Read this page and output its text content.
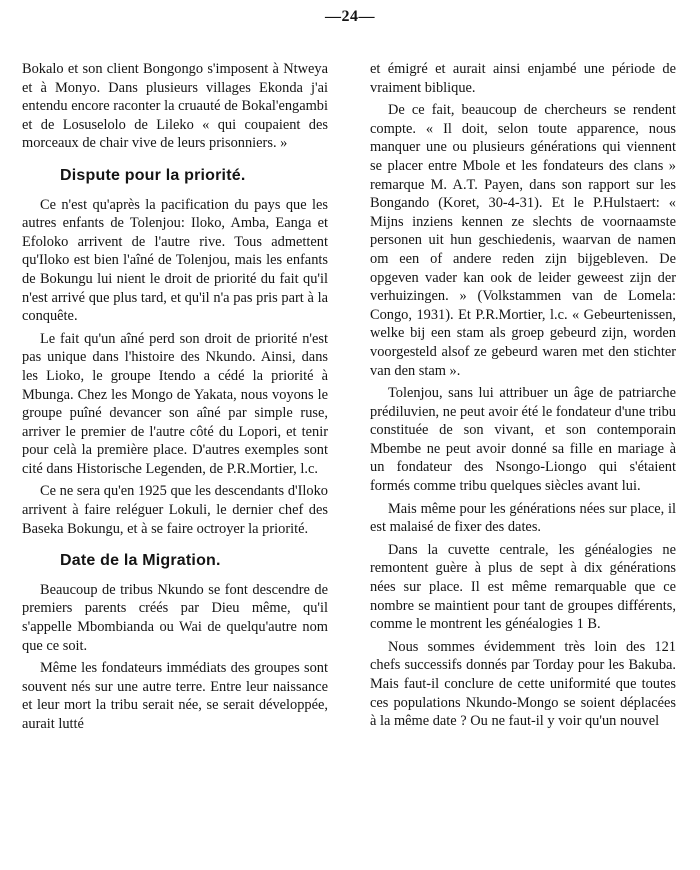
—24—

Bokalo et son client Bongongo s'imposent à Ntweya et à Monyo. Dans plusieurs villages Ekonda j'ai entendu encore raconter la cruauté de Bokal'engambi et de Losuselolo de Lileko « qui coupaient des morceaux de chair vive de leurs prisonniers. »

Dispute pour la priorité.

Ce n'est qu'après la pacification du pays que les autres enfants de Tolenjou: Iloko, Amba, Eanga et Efoloko arrivent de l'autre rive. Tous admettent qu'Iloko est bien l'aîné de Tolenjou, mais les enfants de Bokungu lui nient le droit de priorité du fait qu'il n'est arrivé que plus tard, et qu'il n'a pas pris part à la conquête.

Le fait qu'un aîné perd son droit de priorité n'est pas unique dans l'histoire des Nkundo. Ainsi, dans les Lioko, le groupe Itendo a cédé la priorité à Mbunga. Chez les Mongo de Yakata, nous voyons le groupe puîné devancer son aîné par simple ruse, arriver le premier de l'autre côté du Lopori, et tenir pour celà la première place. D'autres exemples sont cité dans Historische Legenden, de P.R.Mortier, l.c.

Ce ne sera qu'en 1925 que les descendants d'Iloko arrivent à faire reléguer Lokuli, le dernier chef des Baseka Bokungu, et à se faire octroyer la priorité.

Date de la Migration.

Beaucoup de tribus Nkundo se font descendre de premiers parents créés par Dieu même, qu'il s'appelle Mbombianda ou Wai de quelqu'autre nom que ce soit.

Même les fondateurs immédiats des groupes sont souvent nés sur une autre terre. Entre leur naissance et leur mort la tribu serait née, se serait développée, aurait lutté

et émigré et aurait ainsi enjambé une période de vraiment biblique.

De ce fait, beaucoup de chercheurs se rendent compte. « Il doit, selon toute apparence, nous manquer une ou plusieurs générations qui viennent se placer entre Mbole et les fondateurs des clans » remarque M. A.T. Payen, dans son rapport sur les Bongando (Koret, 30-4-31). Et le P.Hulstaert: « Mijns inziens kennen ze slechts de voornaamste personen uit hun geschiedenis, waarvan de namen om een of andere reden zijn bijgebleven. De opgeven vader kan ook de leider geweest zijn der verhuizingen. » (Volkstammen van de Lomela: Congo, 1931). Et P.R.Mortier, l.c. « Gebeurtenissen, welke bij een stam als groep gebeurd zijn, worden voorgesteld alsof ze gebeurd waren met den stichter van den stam ».

Tolenjou, sans lui attribuer un âge de patriarche prédiluvien, ne peut avoir été le fondateur d'une tribu constituée de son vivant, et son contemporain Mbembe ne peut avoir donné sa fille en mariage à un fondateur des Nsongo-Liongo qui s'étaient formés comme tribu quelques siècles avant lui.

Mais même pour les générations nées sur place, il est malaisé de fixer des dates.

Dans la cuvette centrale, les généalogies ne remontent guère à plus de sept à dix générations nées sur place. Il est même remarquable que ce nombre se maintient pour tant de groupes différents, comme le montrent les généalogies 1 B.

Nous sommes évidemment très loin des 121 chefs successifs donnés par Torday pour les Bakuba. Mais faut-il conclure de cette uniformité que toutes ces populations Nkundo-Mongo se soient déplacées à la même date ? Ou ne faut-il y voir qu'un nouvel
